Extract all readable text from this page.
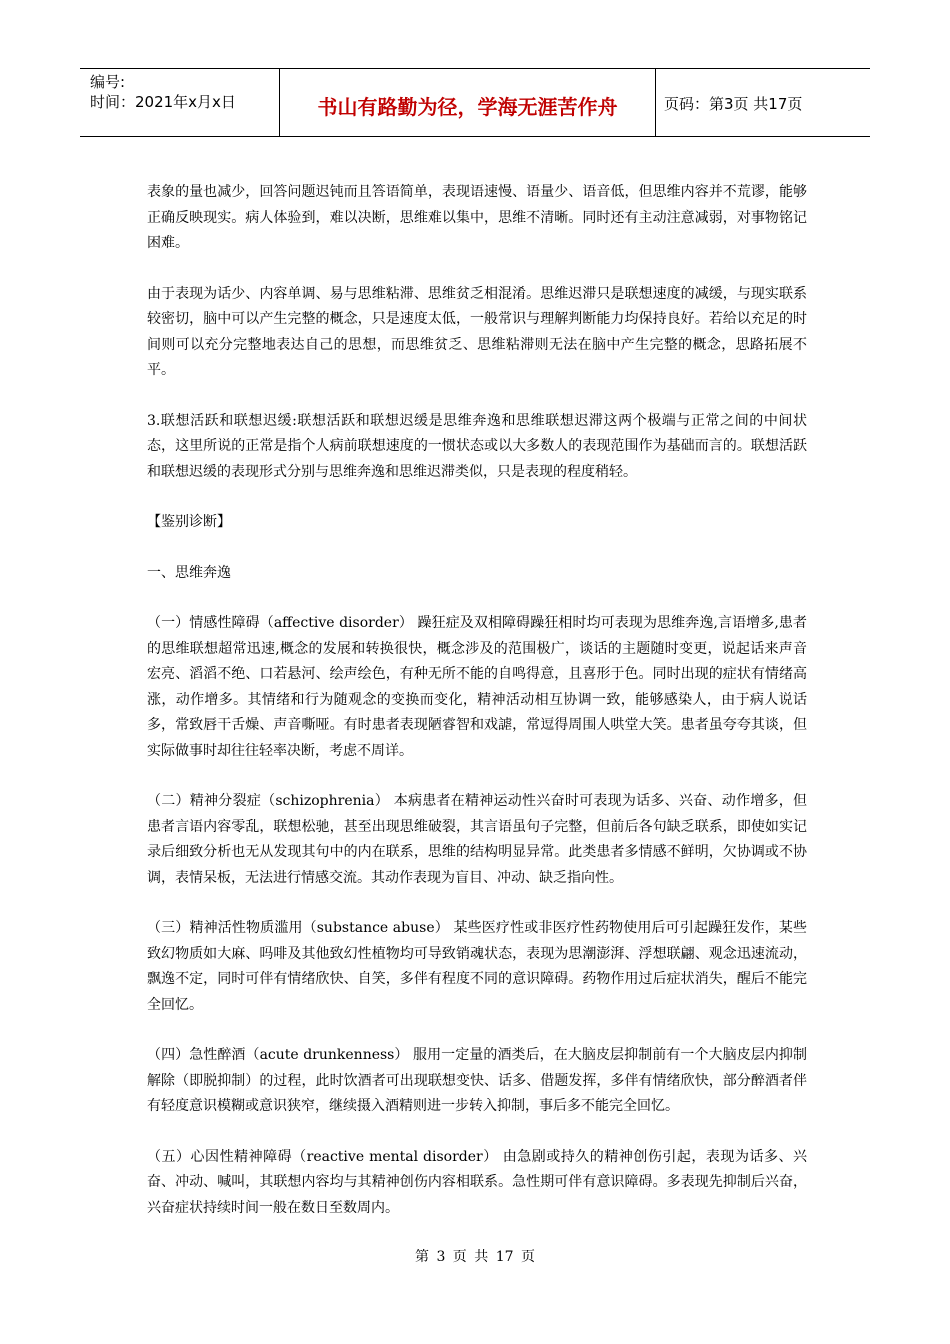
编号:
时间：2021年x月x日	书山有路勤为径，学海无涯苦作舟	页码：第3页 共17页

表象的量也减少，回答问题迟钝而且答语简单，表现语速慢、语量少、语音低，但思维内容并不荒谬，能够正确反映现实。病人体验到，难以决断，思维难以集中，思维不清晰。同时还有主动注意减弱，对事物铭记困难。

由于表现为话少、内容单调、易与思维粘滞、思维贫乏相混淆。思维迟滞只是联想速度的减缓，与现实联系较密切，脑中可以产生完整的概念，只是速度太低，一般常识与理解判断能力均保持良好。若给以充足的时间则可以充分完整地表达自己的思想，而思维贫乏、思维粘滞则无法在脑中产生完整的概念，思路拓展不平。

3.联想活跃和联想迟缓:联想活跃和联想迟缓是思维奔逸和思维联想迟滞这两个极端与正常之间的中间状态，这里所说的正常是指个人病前联想速度的一惯状态或以大多数人的表现范围作为基础而言的。联想活跃和联想迟缓的表现形式分别与思维奔逸和思维迟滞类似，只是表现的程度稍轻。

【鉴别诊断】

一、思维奔逸

（一）情感性障碍（affective disorder） 躁狂症及双相障碍躁狂相时均可表现为思维奔逸,言语增多,患者的思维联想超常迅速,概念的发展和转换很快，概念涉及的范围极广，谈话的主题随时变更，说起话来声音宏亮、滔滔不绝、口若悬河、绘声绘色，有种无所不能的自鸣得意，且喜形于色。同时出现的症状有情绪高涨，动作增多。其情绪和行为随观念的变换而变化，精神活动相互协调一致，能够感染人，由于病人说话多，常致唇干舌燥、声音嘶哑。有时患者表现陋睿智和戏謔，常逗得周围人哄堂大笑。患者虽夸夸其谈，但实际做事时却往往轻率决断，考虑不周详。

（二）精神分裂症（schizophrenia） 本病患者在精神运动性兴奋时可表现为话多、兴奋、动作增多，但患者言语内容零乱，联想松驰，甚至出现思维破裂，其言语虽句子完整，但前后各句缺乏联系，即使如实记录后细致分析也无从发现其句中的内在联系，思维的结构明显异常。此类患者多情感不鲜明，欠协调或不协调，表情呆板，无法进行情感交流。其动作表现为盲目、冲动、缺乏指向性。

（三）精神活性物质滥用（substance abuse） 某些医疗性或非医疗性药物使用后可引起躁狂发作，某些致幻物质如大麻、吗啡及其他致幻性植物均可导致销魂状态，表现为思潮澎湃、浮想联翩、观念迅速流动，飘逸不定，同时可伴有情绪欣快、自笑，多伴有程度不同的意识障碍。药物作用过后症状消失，醒后不能完全回忆。

（四）急性醉酒（acute drunkenness） 服用一定量的酒类后，在大脑皮层抑制前有一个大脑皮层内抑制解除（即脱抑制）的过程，此时饮酒者可出现联想变快、话多、借题发挥，多伴有情绪欣快，部分醉酒者伴有轻度意识模糊或意识狭窄，继续摄入酒精则进一步转入抑制，事后多不能完全回忆。

（五）心因性精神障碍（reactive mental disorder） 由急剧或持久的精神创伤引起，表现为话多、兴奋、冲动、喊叫，其联想内容均与其精神创伤内容相联系。急性期可伴有意识障碍。多表现先抑制后兴奋，兴奋症状持续时间一般在数日至数周内。

第 3 页 共 17 页
